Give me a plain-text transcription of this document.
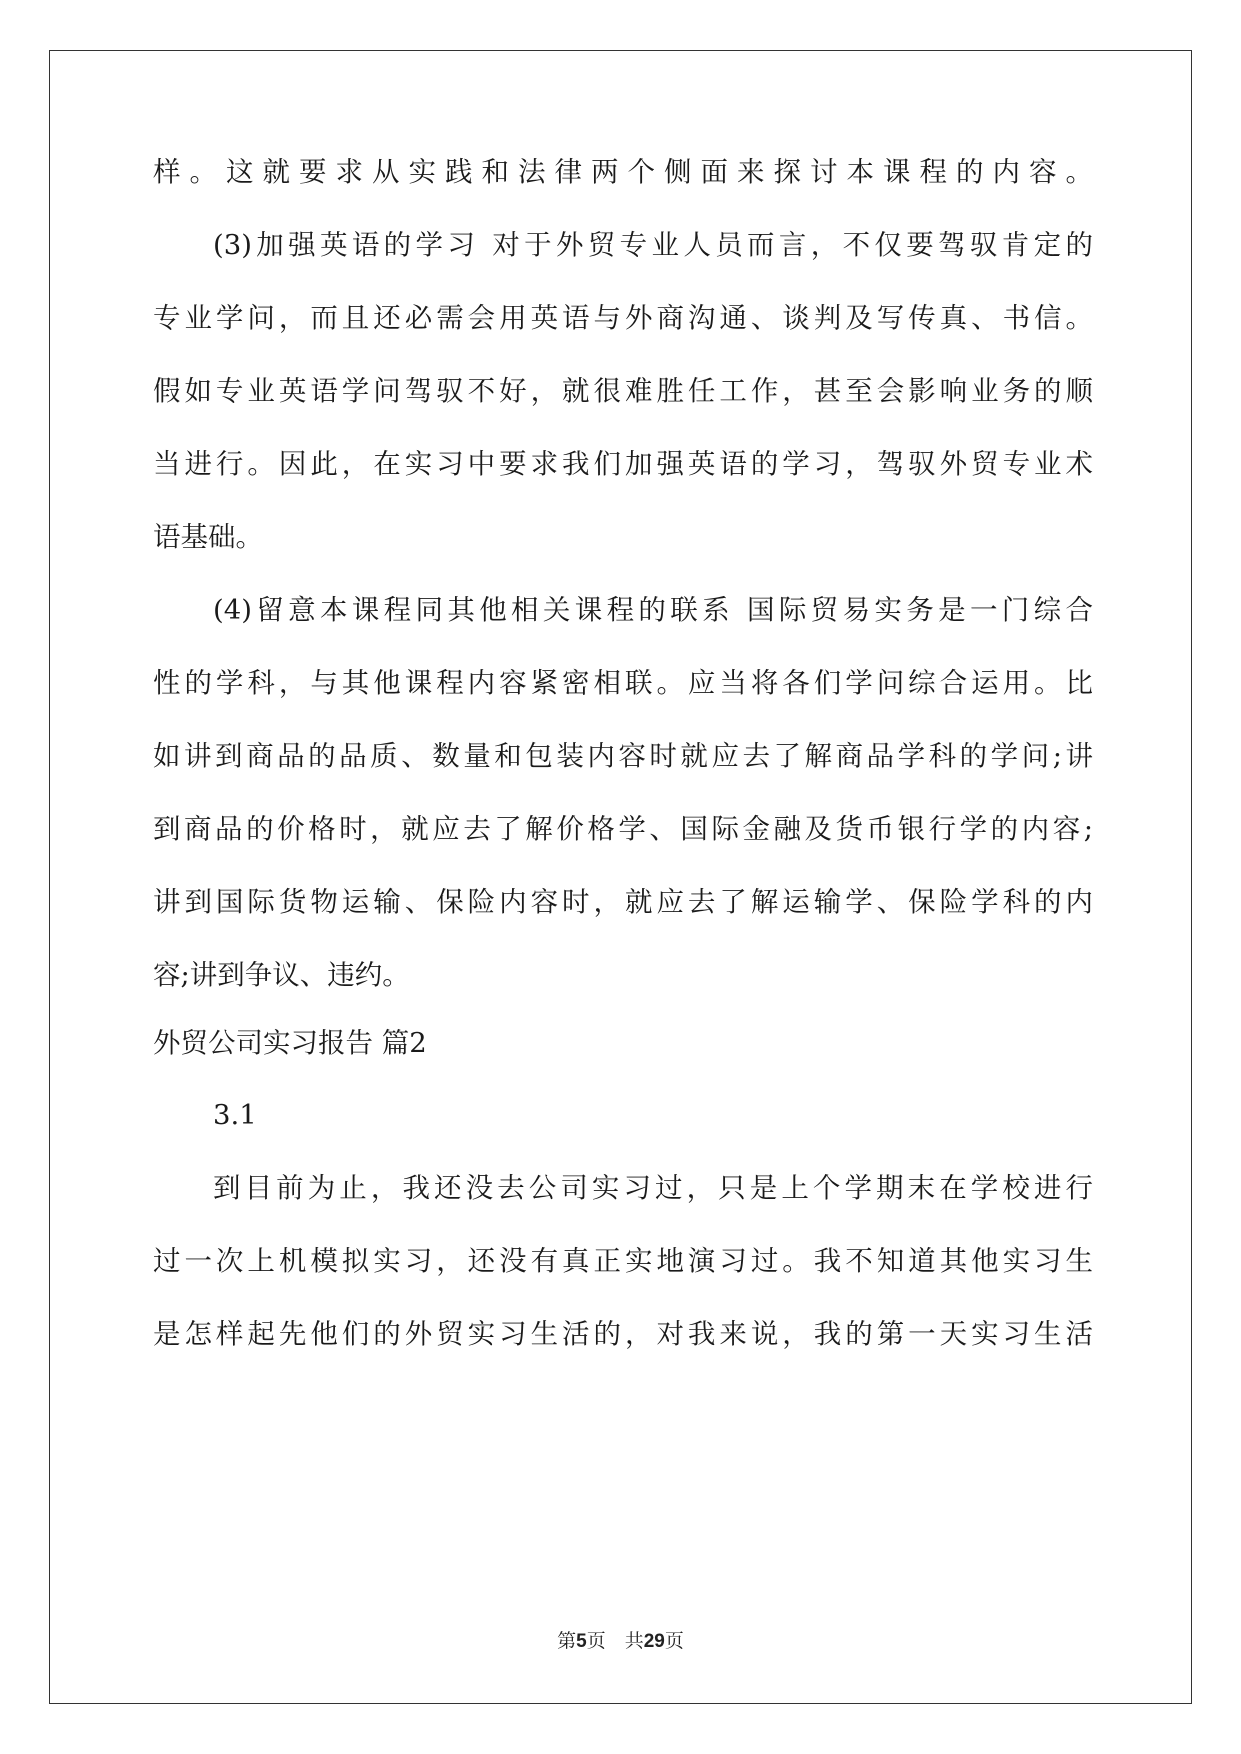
样。这就要求从实践和法律两个侧面来探讨本课程的内容。
(3)加强英语的学习 对于外贸专业人员而言，不仅要驾驭肯定的
专业学问，而且还必需会用英语与外商沟通、谈判及写传真、书信。
假如专业英语学问驾驭不好，就很难胜任工作，甚至会影响业务的顺
当进行。因此，在实习中要求我们加强英语的学习，驾驭外贸专业术
语基础。
(4)留意本课程同其他相关课程的联系 国际贸易实务是一门综合
性的学科，与其他课程内容紧密相联。应当将各们学问综合运用。比
如讲到商品的品质、数量和包装内容时就应去了解商品学科的学问;讲
到商品的价格时，就应去了解价格学、国际金融及货币银行学的内容;
讲到国际货物运输、保险内容时，就应去了解运输学、保险学科的内
容;讲到争议、违约。
外贸公司实习报告 篇2
3.1
到目前为止，我还没去公司实习过，只是上个学期末在学校进行
过一次上机模拟实习，还没有真正实地演习过。我不知道其他实习生
是怎样起先他们的外贸实习生活的，对我来说，我的第一天实习生活
第5页　共29页
